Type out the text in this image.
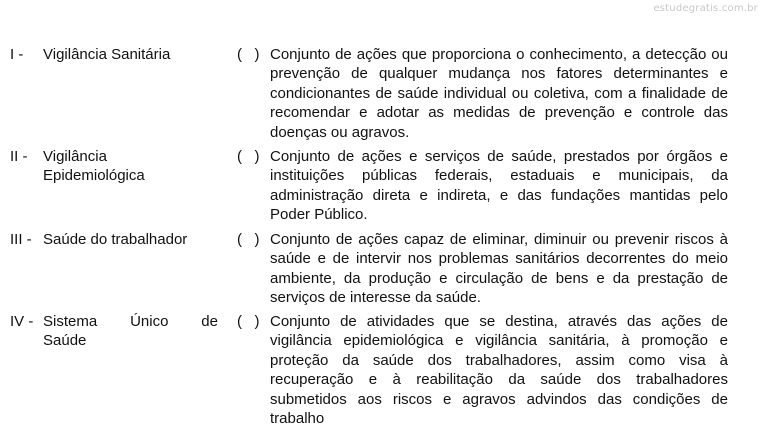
estudegratis.com.br
I - Vigilância Sanitária	(   ) Conjunto de ações que proporciona o conhecimento, a detecção ou prevenção de qualquer mudança nos fatores determinantes e condicionantes de saúde individual ou coletiva, com a finalidade de recomendar e adotar as medidas de prevenção e controle das doenças ou agravos.
II - Vigilância Epidemiológica
(   ) Conjunto de ações e serviços de saúde, prestados por órgãos e instituições públicas federais, estaduais e municipais, da administração direta e indireta, e das fundações mantidas pelo Poder Público.
III - Saúde do trabalhador	(   ) Conjunto de ações capaz de eliminar, diminuir ou prevenir riscos à saúde e de intervir nos problemas sanitários decorrentes do meio ambiente, da produção e circulação de bens e da prestação de serviços de interesse da saúde.
IV - Sistema Único de
Saúde
(   ) Conjunto de atividades que se destina, através das ações de vigilância epidemiológica e vigilância sanitária, à promoção e proteção da saúde dos trabalhadores, assim como visa à recuperação e à reabilitação da saúde dos trabalhadores submetidos aos riscos e agravos advindos das condições de trabalho
